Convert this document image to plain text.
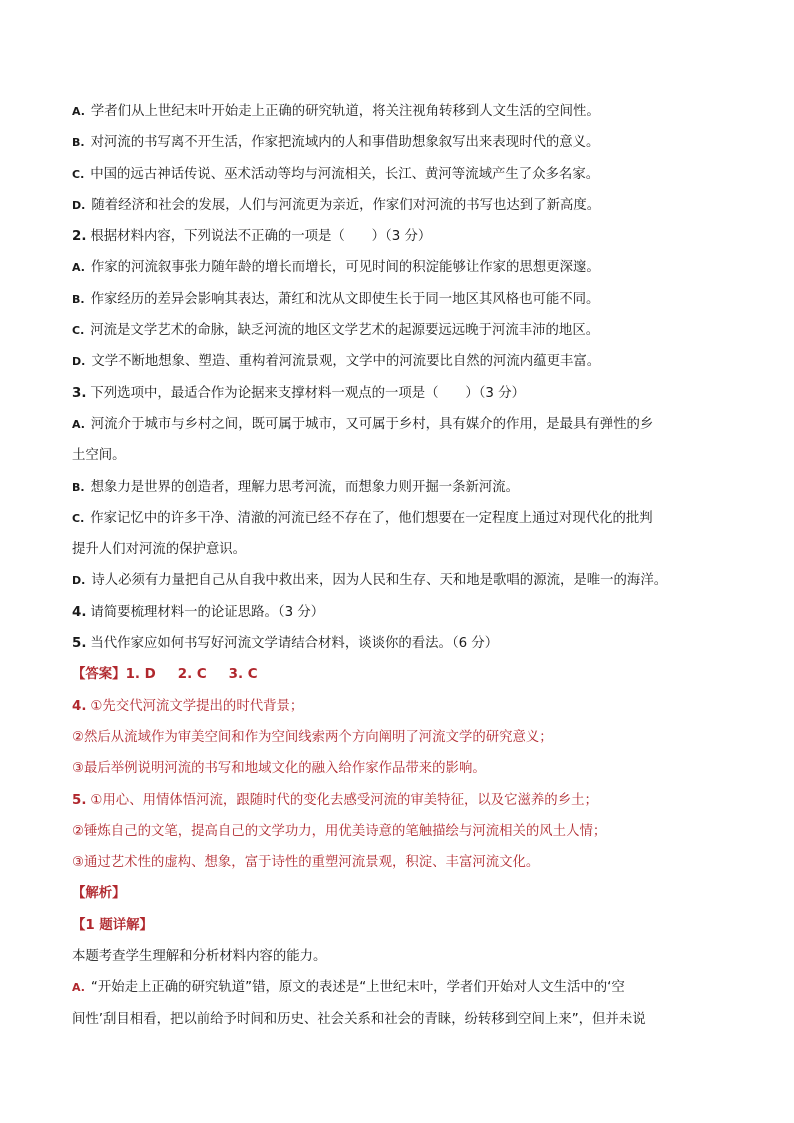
A. 学者们从上世纪末叶开始走上正确的研究轨道，将关注视角转移到人文生活的空间性。
B. 对河流的书写离不开生活，作家把流域内的人和事借助想象叙写出来表现时代的意义。
C. 中国的远古神话传说、巫术活动等均与河流相关，长江、黄河等流域产生了众多名家。
D. 随着经济和社会的发展，人们与河流更为亲近，作家们对河流的书写也达到了新高度。
2. 根据材料内容，下列说法不正确的一项是（　　）（3 分）
A. 作家的河流叙事张力随年龄的增长而增长，可见时间的积淀能够让作家的思想更深邃。
B. 作家经历的差异会影响其表达，萧红和沈从文即使生长于同一地区其风格也可能不同。
C. 河流是文学艺术的命脉，缺乏河流的地区文学艺术的起源要远远晚于河流丰沛的地区。
D. 文学不断地想象、塑造、重构着河流景观，文学中的河流要比自然的河流内蕴更丰富。
3. 下列选项中，最适合作为论据来支撑材料一观点的一项是（　　）（3 分）
A. 河流介于城市与乡村之间，既可属于城市，又可属于乡村，具有媒介的作用，是最具有弹性的乡
土空间。
B. 想象力是世界的创造者，理解力思考河流，而想象力则开掘一条新河流。
C. 作家记忆中的许多干净、清澈的河流已经不存在了，他们想要在一定程度上通过对现代化的批判
提升人们对河流的保护意识。
D. 诗人必须有力量把自己从自我中救出来，因为人民和生存、天和地是歌唱的源流，是唯一的海洋。
4. 请简要梳理材料一的论证思路。（3 分）
5. 当代作家应如何书写好河流文学请结合材料，谈谈你的看法。（6 分）
【答案】1. D 2. C 3. C
4. ①先交代河流文学提出的时代背景；
②然后从流域作为审美空间和作为空间线索两个方向阐明了河流文学的研究意义；
③最后举例说明河流的书写和地域文化的融入给作家作品带来的影响。
5. ①用心、用情体悟河流，跟随时代的变化去感受河流的审美特征，以及它滋养的乡土；
②锤炼自己的文笔，提高自己的文学功力，用优美诗意的笔触描绘与河流相关的风土人情；
③通过艺术性的虚构、想象，富于诗性的重塑河流景观，积淀、丰富河流文化。
【解析】
【1 题详解】
本题考查学生理解和分析材料内容的能力。
A. “开始走上正确的研究轨道”错，原文的表述是“上世纪末叶，学者们开始对人文生活中的‘空
间性’刮目相看，把以前给予时间和历史、社会关系和社会的青睐，纷转移到空间上来”，但并未说
